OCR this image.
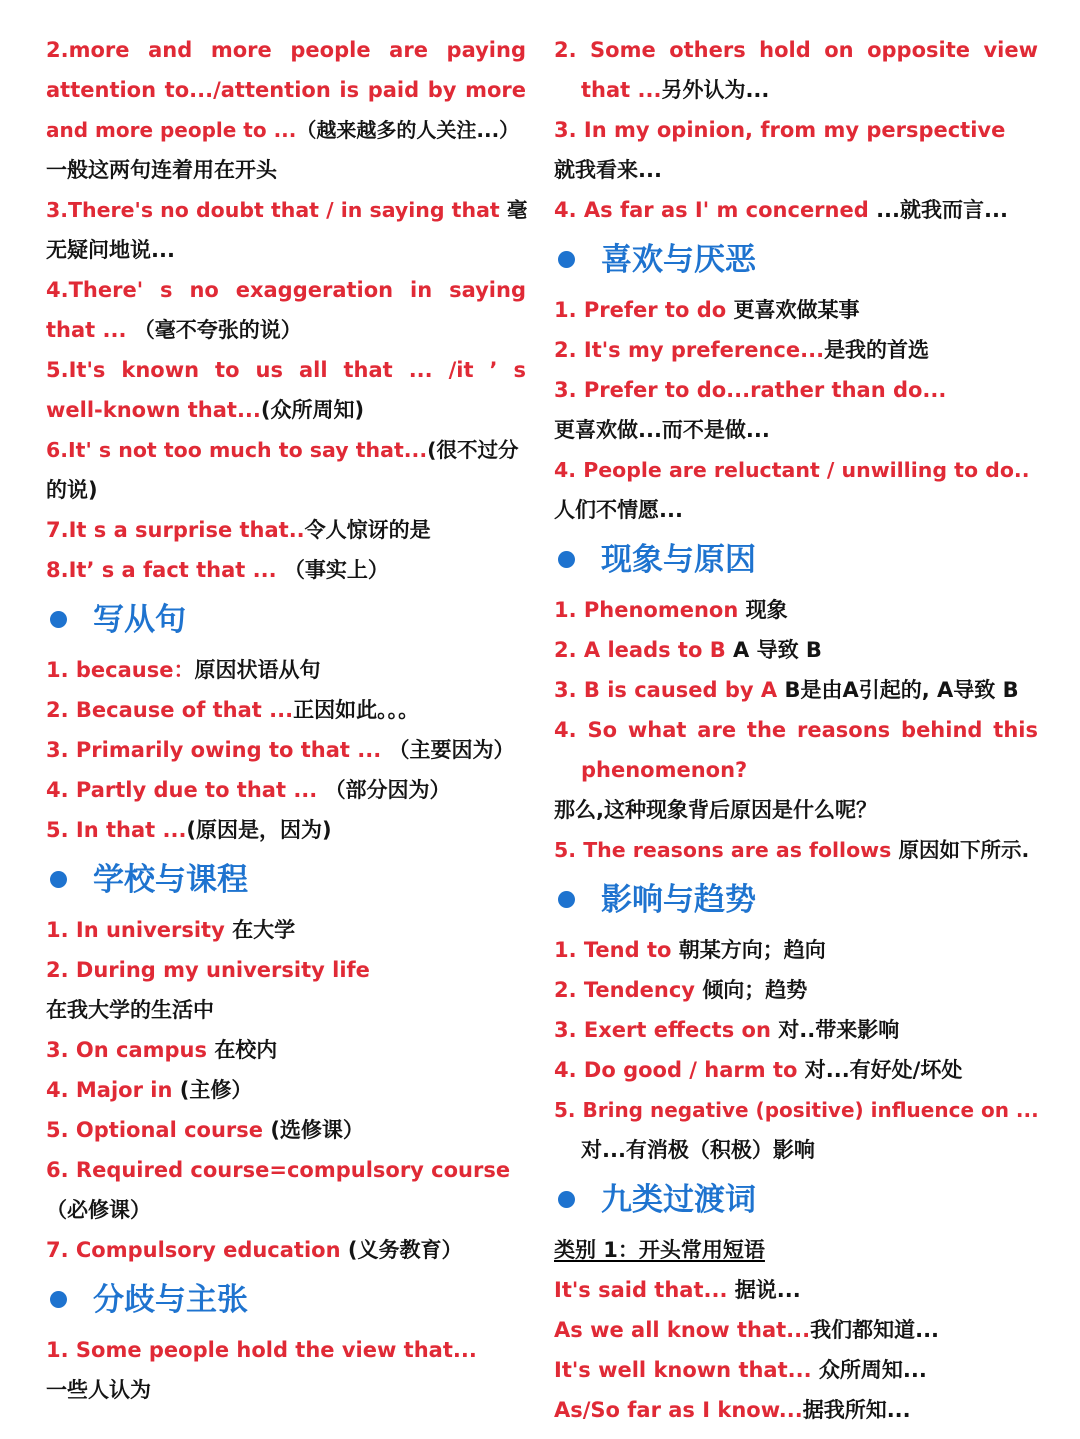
2.more and more people are paying
attention to.../attention is paid by more
and more people to ...（越来越多的人关注...）
一般这两句连着用在开头
3.There's no doubt that / in saying that 毫
无疑问地说...
4.There' s no exaggeration in saying
that ... （毫不夸张的说）
5.It's known to us all that ... /it ’ s
well-known that...(众所周知)
6.It' s not too much to say that...(很不过分
的说)
7.It s a surprise that..令人惊讶的是
8.It’ s a fact that ... （事实上）
写从句
1. because：原因状语从句
2. Because of that ...正因如此。。。
3. Primarily owing to that ... （主要因为）
4. Partly due to that ... （部分因为）
5. In that ...(原因是，因为)
学校与课程
1. In university 在大学
2. During my university life
在我大学的生活中
3. On campus 在校内
4. Major in (主修）
5. Optional course (选修课）
6. Required course=compulsory course
（必修课）
7. Compulsory education (义务教育）
分歧与主张
1. Some people hold the view that...
一些人认为
2. Some others hold on opposite view
that ...另外认为...
3. In my opinion, from my perspective
就我看来...
4. As far as I' m concerned ...就我而言...
喜欢与厌恶
1. Prefer to do 更喜欢做某事
2. It's my preference...是我的首选
3. Prefer to do...rather than do...
更喜欢做...而不是做...
4. People are reluctant / unwilling to do..
人们不情愿...
现象与原因
1. Phenomenon 现象
2. A leads to B A 导致 B
3. B is caused by A B是由A引起的, A导致 B
4. So what are the reasons behind this
phenomenon?
那么,这种现象背后原因是什么呢？
5. The reasons are as follows 原因如下所示.
影响与趋势
1. Tend to 朝某方向；趋向
2. Tendency 倾向；趋势
3. Exert effects on 对..带来影响
4. Do good / harm to 对...有好处/坏处
5. Bring negative (positive) influence on ...
对...有消极（积极）影响
九类过渡词
类别 1：开头常用短语
It's said that... 据说...
As we all know that...我们都知道...
It's well known that... 众所周知...
As/So far as I know...据我所知...
